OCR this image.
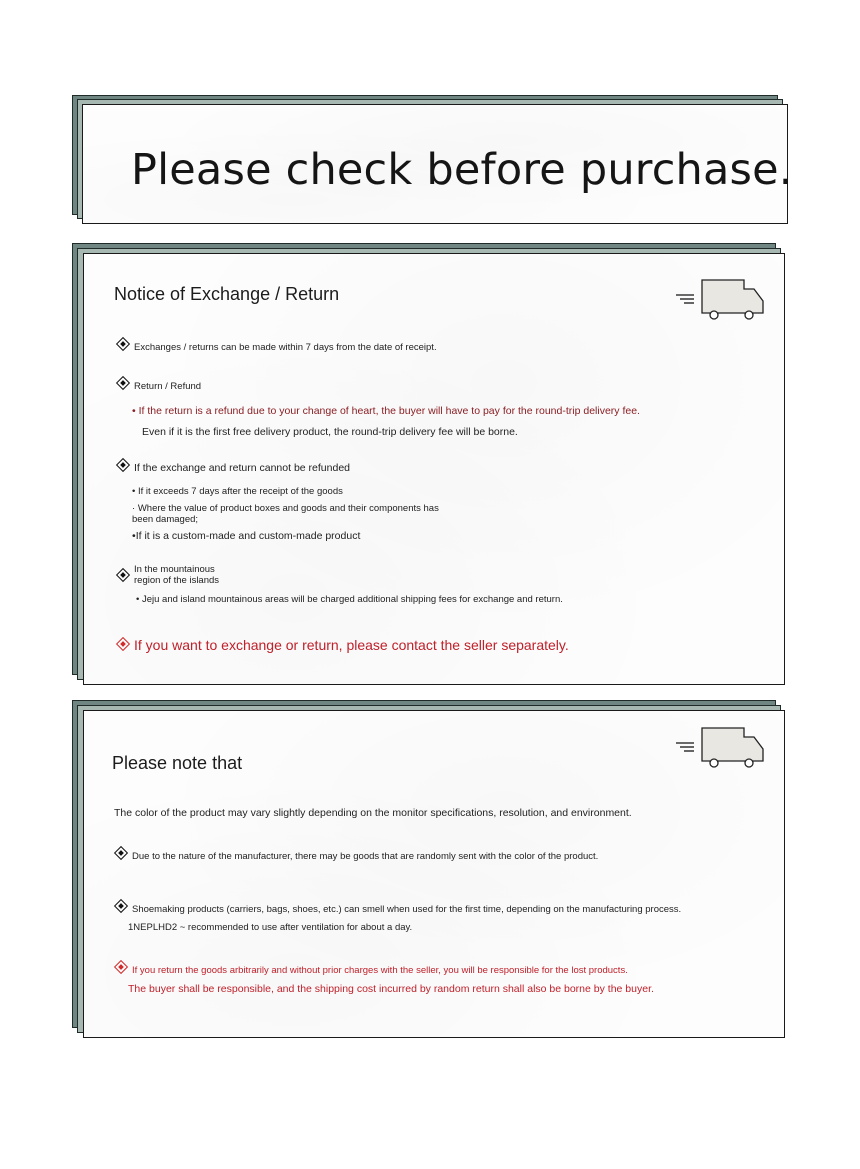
Please check before purchase.
Notice of Exchange / Return
Exchanges / returns can be made within 7 days from the date of receipt.
Return / Refund
• If the return is a refund due to your change of heart, the buyer will have to pay for the round-trip delivery fee.
Even if it is the first free delivery product, the round-trip delivery fee will be borne.
If the exchange and return cannot be refunded
• If it exceeds 7 days after the receipt of the goods
· Where the value of product boxes and goods and their components has been damaged;
•If it is a custom-made and custom-made product
In the mountainous
region of the islands
• Jeju and island mountainous areas will be charged additional shipping fees for exchange and return.
If you want to exchange or return, please contact the seller separately.
Please note that
The color of the product may vary slightly depending on the monitor specifications, resolution, and environment.
Due to the nature of the manufacturer, there may be goods that are randomly sent with the color of the product.
Shoemaking products (carriers, bags, shoes, etc.) can smell when used for the first time, depending on the manufacturing process.
1NEPLHD2 ~ recommended to use after ventilation for about a day.
If you return the goods arbitrarily and without prior charges with the seller, you will be responsible for the lost products.
The buyer shall be responsible, and the shipping cost incurred by random return shall also be borne by the buyer.
